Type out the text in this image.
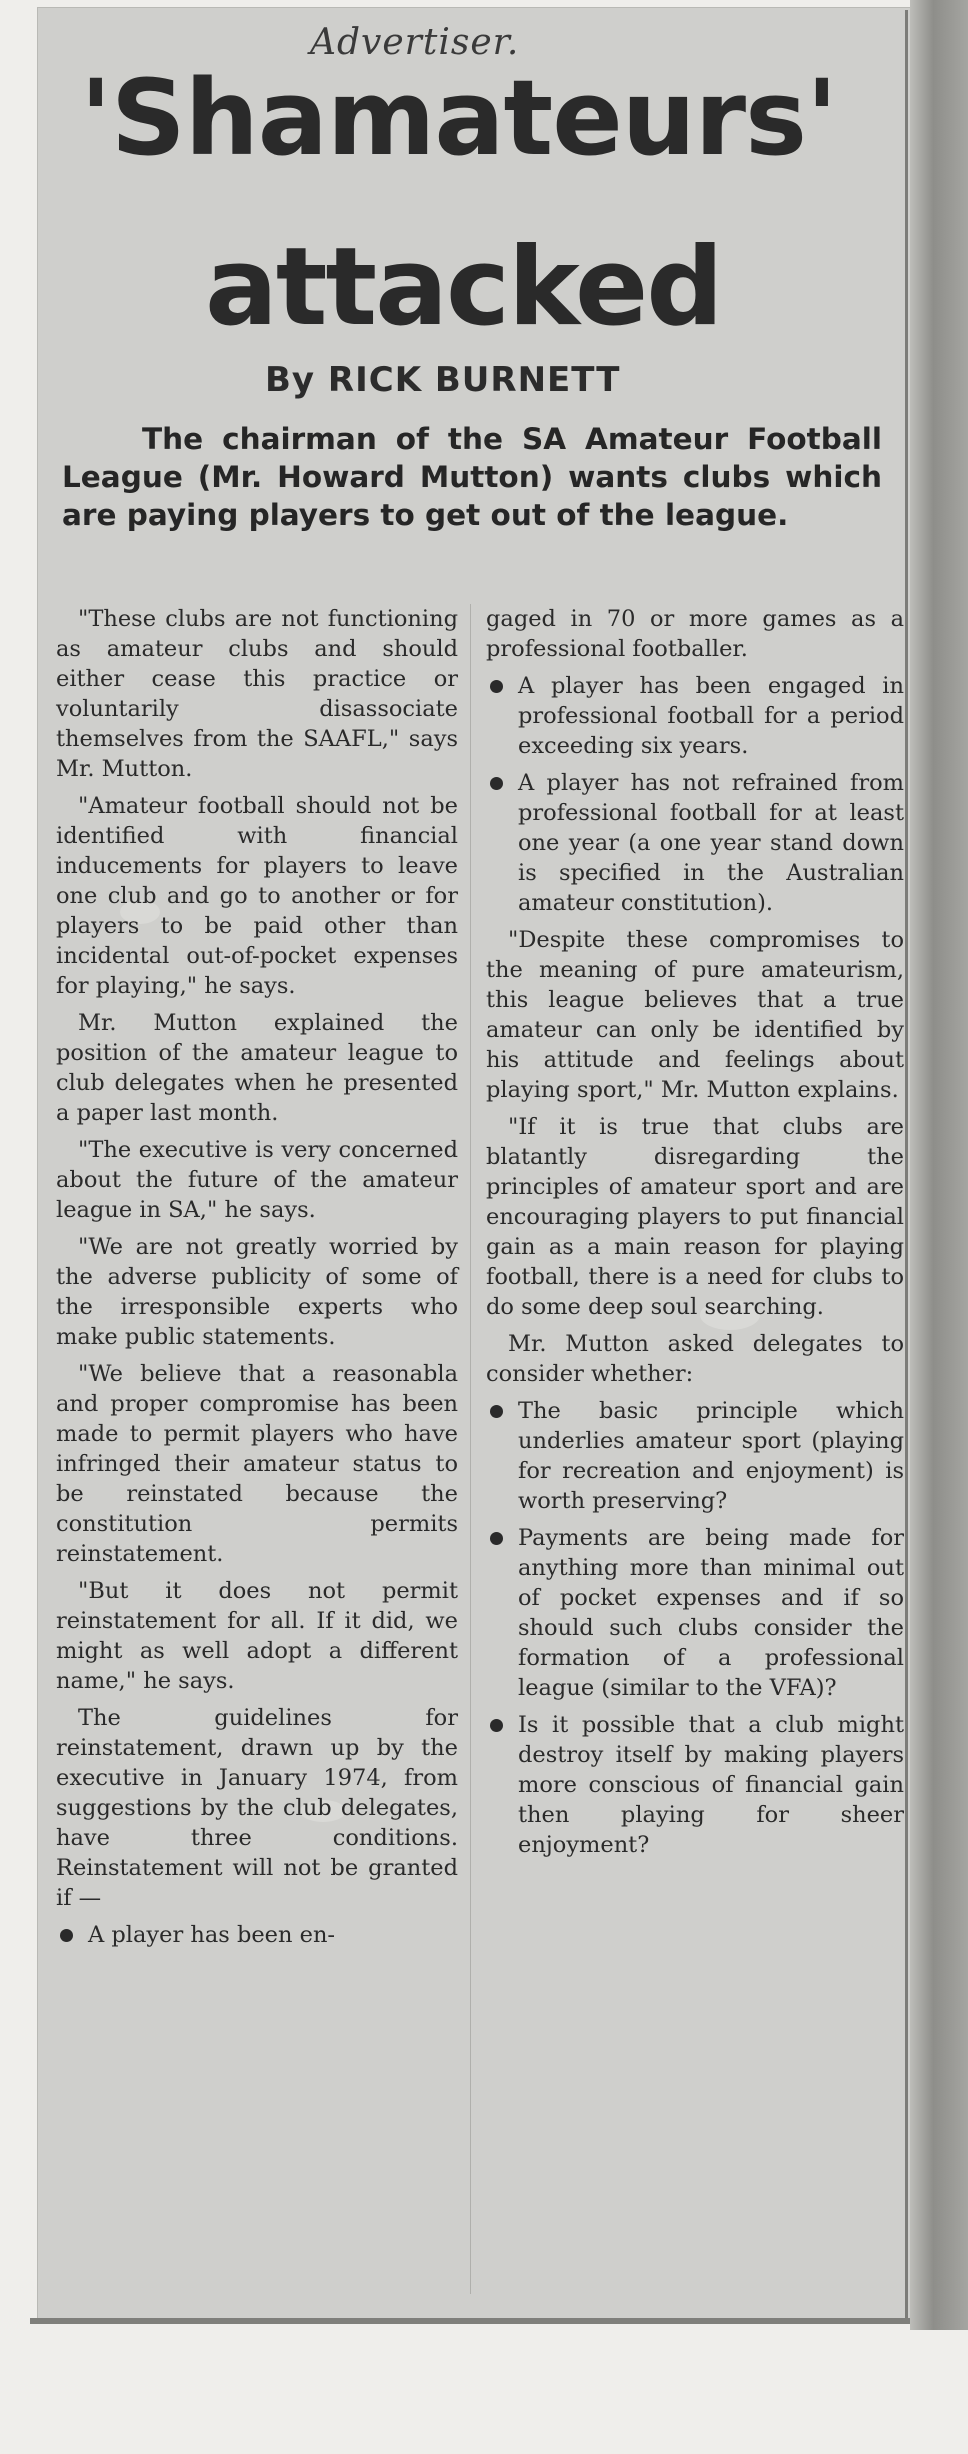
Advertiser.
'Shamateurs'
attacked
By RICK BURNETT
The chairman of the SA Amateur Football League (Mr. Howard Mutton) wants clubs which are paying players to get out of the league.

"These clubs are not functioning as amateur clubs and should either cease this practice or voluntarily disassociate themselves from the SAAFL," says Mr. Mutton.

"Amateur football should not be identified with financial inducements for players to leave one club and go to another or for players to be paid other than incidental out-of-pocket expenses for playing," he says.

Mr. Mutton explained the position of the amateur league to club delegates when he presented a paper last month.

"The executive is very concerned about the future of the amateur league in SA," he says.

"We are not greatly worried by the adverse publicity of some of the irresponsible experts who make public statements.

"We believe that a reasonabla and proper compromise has been made to permit players who have infringed their amateur status to be reinstated because the constitution permits reinstatement.

"But it does not permit reinstatement for all. If it did, we might as well adopt a different name," he says.

The guidelines for reinstatement, drawn up by the executive in January 1974, from suggestions by the club delegates, have three conditions. Reinstatement will not be granted if —

A player has been en-

gaged in 70 or more games as a professional footballer.

A player has been engaged in professional football for a period exceeding six years.

A player has not refrained from professional football for at least one year (a one year stand down is specified in the Australian amateur constitution).

"Despite these compromises to the meaning of pure amateurism, this league believes that a true amateur can only be identified by his attitude and feelings about playing sport," Mr. Mutton explains.

"If it is true that clubs are blatantly disregarding the principles of amateur sport and are encouraging players to put financial gain as a main reason for playing football, there is a need for clubs to do some deep soul searching.

Mr. Mutton asked delegates to consider whether:

The basic principle which underlies amateur sport (playing for recreation and enjoyment) is worth preserving?

Payments are being made for anything more than minimal out of pocket expenses and if so should such clubs consider the formation of a professional league (similar to the VFA)?

Is it possible that a club might destroy itself by making players more conscious of financial gain then playing for sheer enjoyment?
